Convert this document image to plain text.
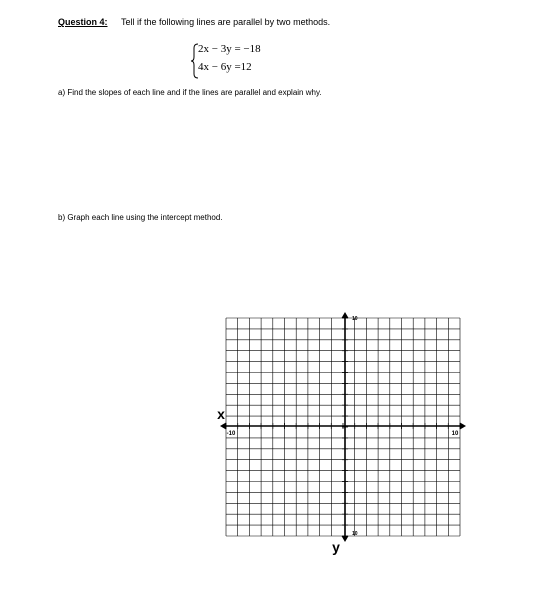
Question 4: Tell if the following lines are parallel by two methods.
2x − 3y = −18
4x − 6y =12
a) Find the slopes of each line and if the lines are parallel and explain why.
b) Graph each line using the intercept method.
-10	10
10
10
x
y
